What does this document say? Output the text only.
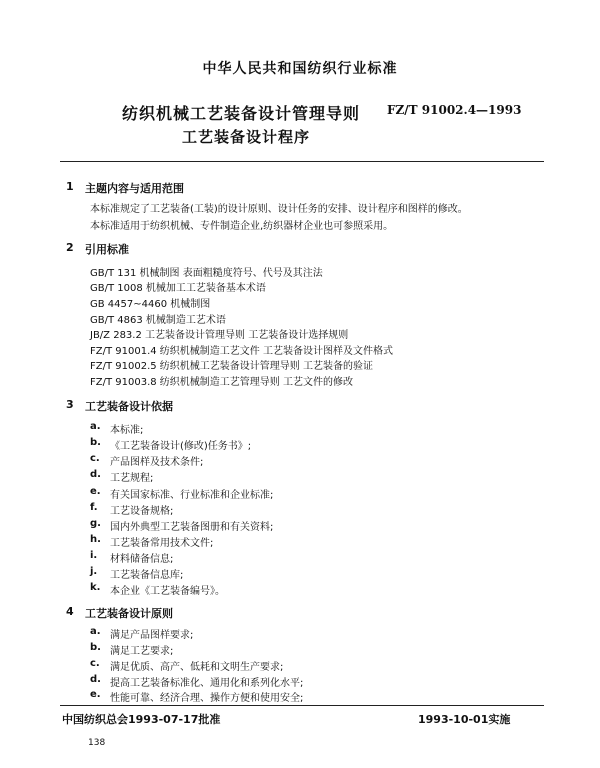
中华人民共和国纺织行业标准
纺织机械工艺装备设计管理导则
工艺装备设计程序
FZ/T 91002.4—1993
1 主题内容与适用范围
本标准规定了工艺装备(工装)的设计原则、设计任务的安排、设计程序和图样的修改。
本标准适用于纺织机械、专件制造企业,纺织器材企业也可参照采用。
2 引用标准
GB/T 131 机械制图 表面粗糙度符号、代号及其注法
GB/T 1008 机械加工工艺装备基本术语
GB 4457~4460 机械制图
GB/T 4863 机械制造工艺术语
JB/Z 283.2 工艺装备设计管理导则 工艺装备设计选择规则
FZ/T 91001.4 纺织机械制造工艺文件 工艺装备设计图样及文件格式
FZ/T 91002.5 纺织机械工艺装备设计管理导则 工艺装备的验证
FZ/T 91003.8 纺织机械制造工艺管理导则 工艺文件的修改
3 工艺装备设计依据
a. 本标准;
b. 《工艺装备设计(修改)任务书》;
c. 产品图样及技术条件;
d. 工艺规程;
e. 有关国家标准、行业标准和企业标准;
f. 工艺设备规格;
g. 国内外典型工艺装备图册和有关资料;
h. 工艺装备常用技术文件;
i. 材料储备信息;
j. 工艺装备信息库;
k. 本企业《工艺装备编号》。
4 工艺装备设计原则
a. 满足产品图样要求;
b. 满足工艺要求;
c. 满足优质、高产、低耗和文明生产要求;
d. 提高工艺装备标准化、通用化和系列化水平;
e. 性能可靠、经济合理、操作方便和使用安全;
中国纺织总会1993-07-17批准	1993-10-01实施
138
